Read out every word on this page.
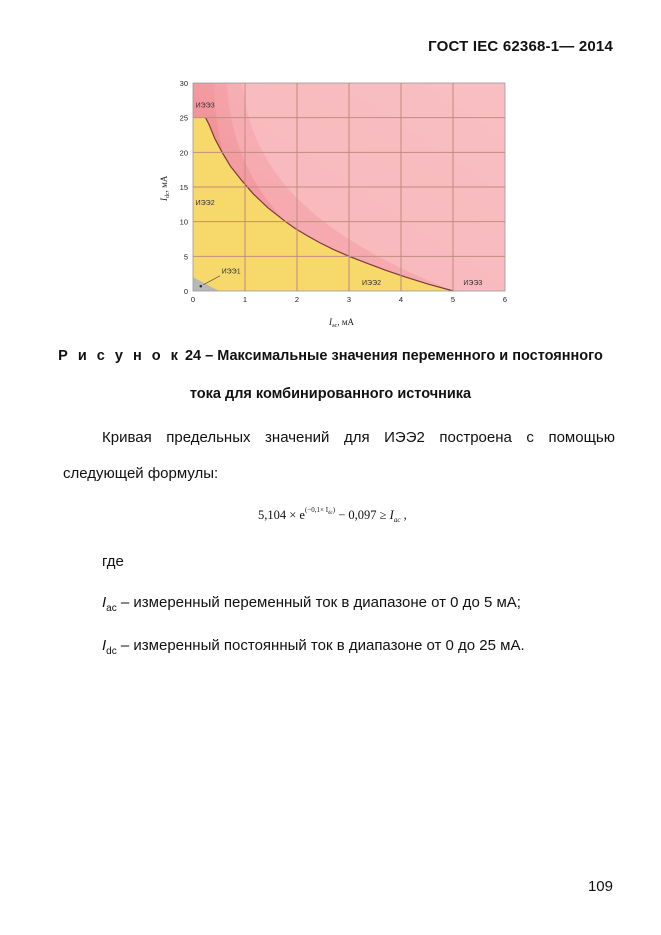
ГОСТ IEC 62368-1— 2014
0	1	2	3	4	5	6
0
5
10
15
20
25
30
$I_{ac}$, мА
$I_{dc}$, мА
ИЭЭ3
ИЭЭ2
ИЭЭ1
ИЭЭ2	ИЭЭ3
Р и с у н о к 24 – Максимальные значения переменного и постоянного
тока для комбинированного источника
Кривая предельных значений для ИЭЭ2 построена с помощью
следующей формулы:
$5,104 \times e^{(-0,1\times I_{dc})} - 0,097 \ge I_{ac}$ ,
где
$I_{ac}$ – измеренный переменный ток в диапазоне от 0 до 5 мА;
$I_{dc}$ – измеренный постоянный ток в диапазоне от 0 до 25 мА.
109
